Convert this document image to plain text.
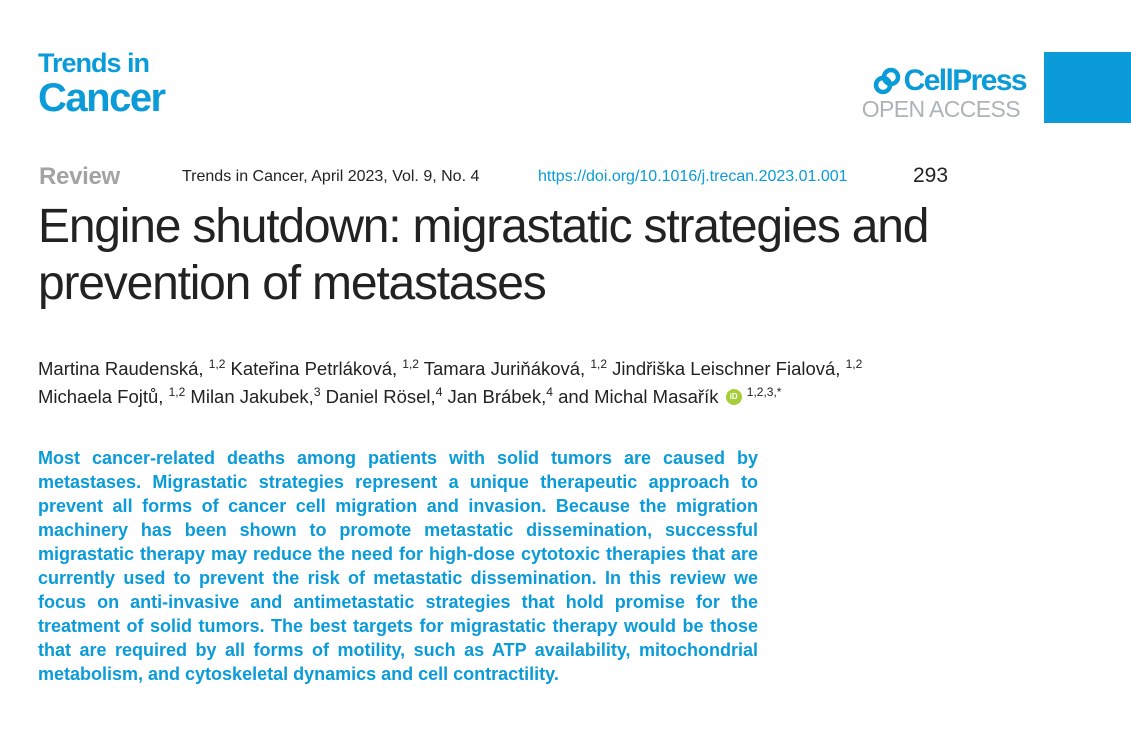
Trends in
Cancer	CellPress
OPEN ACCESS
Review	Trends in Cancer, April 2023, Vol. 9, No. 4	https://doi.org/10.1016/j.trecan.2023.01.001	293
Engine shutdown: migrastatic strategies and prevention of metastases
Martina Raudenská, $^{1,2}$ Kateřina Petrláková, $^{1,2}$ Tamara Juriňáková, $^{1,2}$ Jindřiška Leischner Fialová, $^{1,2}$
Michaela Fojtů, $^{1,2}$ Milan Jakubek,$^3$ Daniel Rösel,$^4$ Jan Brábek,$^4$ and Michal Masařík iD $^{1,2,3,*}$

Most cancer-related deaths among patients with solid tumors are caused by metastases. Migrastatic strategies represent a unique therapeutic approach to prevent all forms of cancer cell migration and invasion. Because the migration machinery has been shown to promote metastatic dissemination, successful migrastatic therapy may reduce the need for high-dose cytotoxic therapies that are currently used to prevent the risk of metastatic dissemination. In this review we focus on anti-invasive and antimetastatic strategies that hold promise for the treatment of solid tumors. The best targets for migrastatic therapy would be those that are required by all forms of motility, such as ATP availability, mitochondrial metabolism, and cytoskeletal dynamics and cell contractility.
